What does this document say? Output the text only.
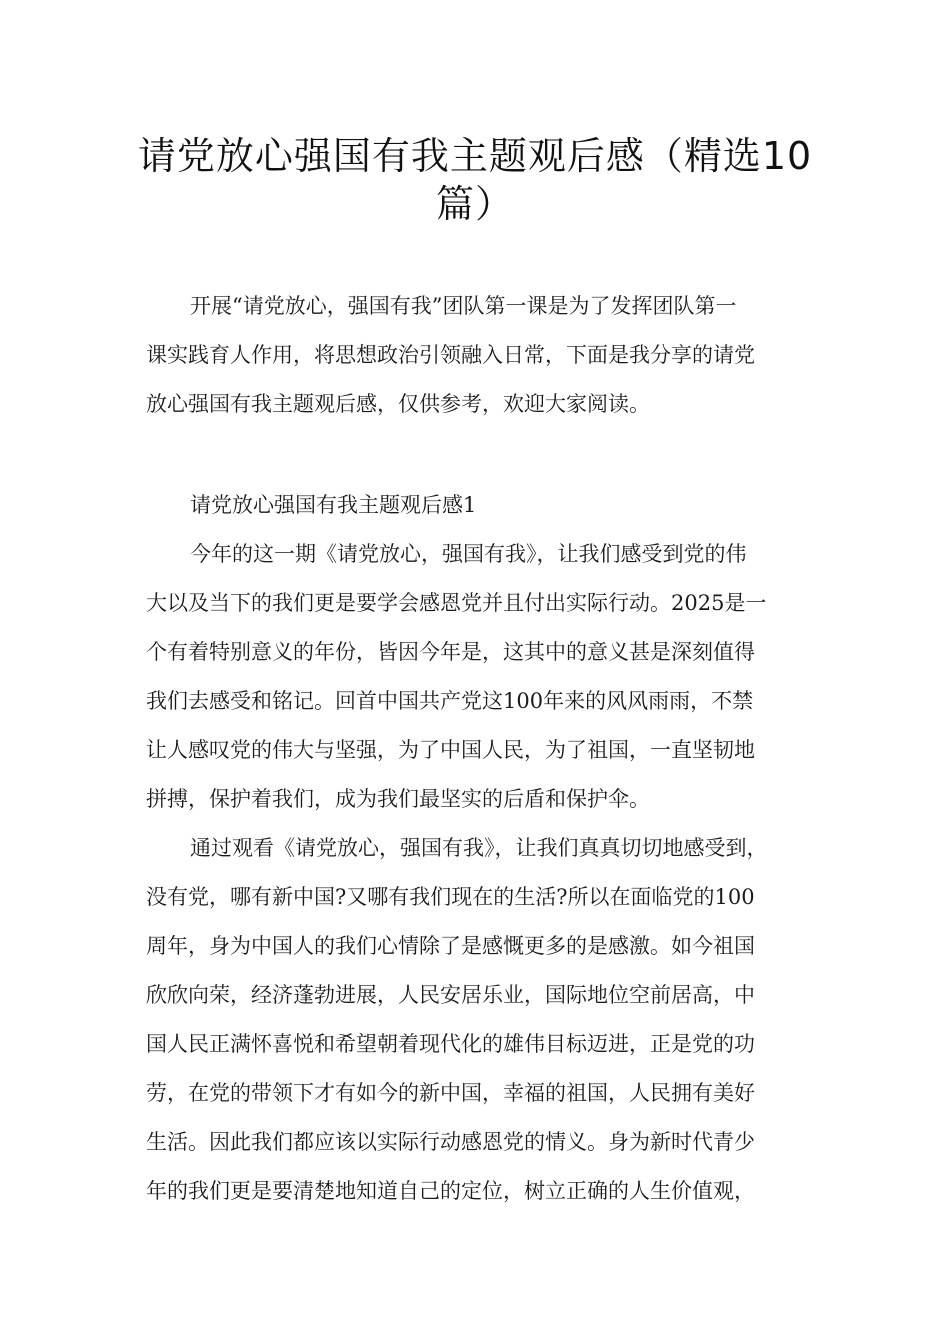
请党放心强国有我主题观后感（精选10
篇）
开展“请党放心，强国有我”团队第一课是为了发挥团队第一
课实践育人作用，将思想政治引领融入日常，下面是我分享的请党
放心强国有我主题观后感，仅供参考，欢迎大家阅读。
请党放心强国有我主题观后感1
今年的这一期《请党放心，强国有我》，让我们感受到党的伟
大以及当下的我们更是要学会感恩党并且付出实际行动。2025是一
个有着特别意义的年份，皆因今年是，这其中的意义甚是深刻值得
我们去感受和铭记。回首中国共产党这100年来的风风雨雨，不禁
让人感叹党的伟大与坚强，为了中国人民，为了祖国，一直坚韧地
拼搏，保护着我们，成为我们最坚实的后盾和保护伞。
通过观看《请党放心，强国有我》，让我们真真切切地感受到，
没有党，哪有新中国?又哪有我们现在的生活?所以在面临党的100
周年，身为中国人的我们心情除了是感慨更多的是感激。如今祖国
欣欣向荣，经济蓬勃进展，人民安居乐业，国际地位空前居高，中
国人民正满怀喜悦和希望朝着现代化的雄伟目标迈进，正是党的功
劳，在党的带领下才有如今的新中国，幸福的祖国，人民拥有美好
生活。因此我们都应该以实际行动感恩党的情义。身为新时代青少
年的我们更是要清楚地知道自己的定位，树立正确的人生价值观，
